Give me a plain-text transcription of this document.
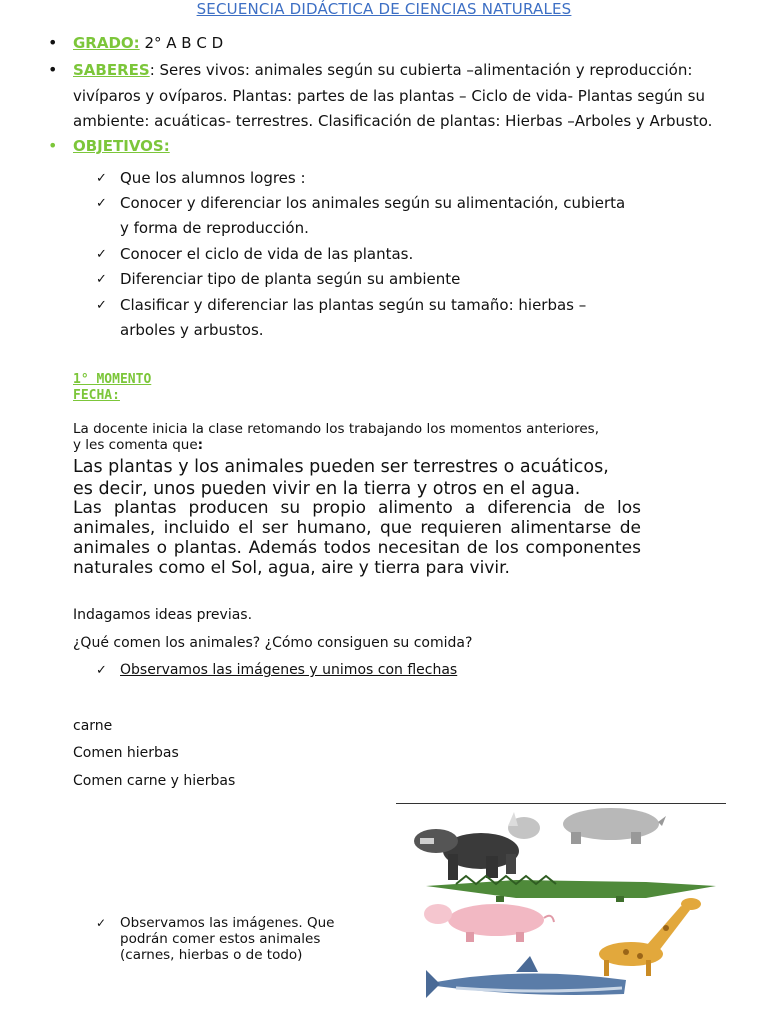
SECUENCIA DIDÁCTICA DE CIENCIAS NATURALES
• GRADO: 2° A B C D
• SABERES: Seres vivos: animales según su cubierta –alimentación y reproducción:
vivíparos y ovíparos. Plantas: partes de las plantas – Ciclo de vida- Plantas según su
ambiente: acuáticas- terrestres. Clasificación de plantas: Hierbas –Arboles y Arbusto.
• OBJETIVOS:
✓ Que los alumnos logres :
✓ Conocer y diferenciar los animales según su alimentación, cubierta
y forma de reproducción.
✓ Conocer el ciclo de vida de las plantas.
✓ Diferenciar tipo de planta según su ambiente
✓ Clasificar y diferenciar las plantas según su tamaño: hierbas –
arboles y arbustos.
1° MOMENTO
FECHA:
La docente inicia la clase retomando los trabajando los momentos anteriores,
y les comenta que:
Las plantas y los animales pueden ser terrestres o acuáticos,
es decir, unos pueden vivir en la tierra y otros en el agua.
Las plantas producen su propio alimento a diferencia de los animales, incluido el ser humano, que requieren alimentarse de animales o plantas. Además todos necesitan de los componentes naturales como el Sol, agua, aire y tierra para vivir.
Indagamos ideas previas.
¿Qué comen los animales? ¿Cómo consiguen su comida?
✓ Observamos las imágenes y unimos con flechas
carne
Comen hierbas
Comen carne y hierbas
✓ Observamos las imágenes. Que
podrán comer estos animales
(carnes, hierbas o de todo)
